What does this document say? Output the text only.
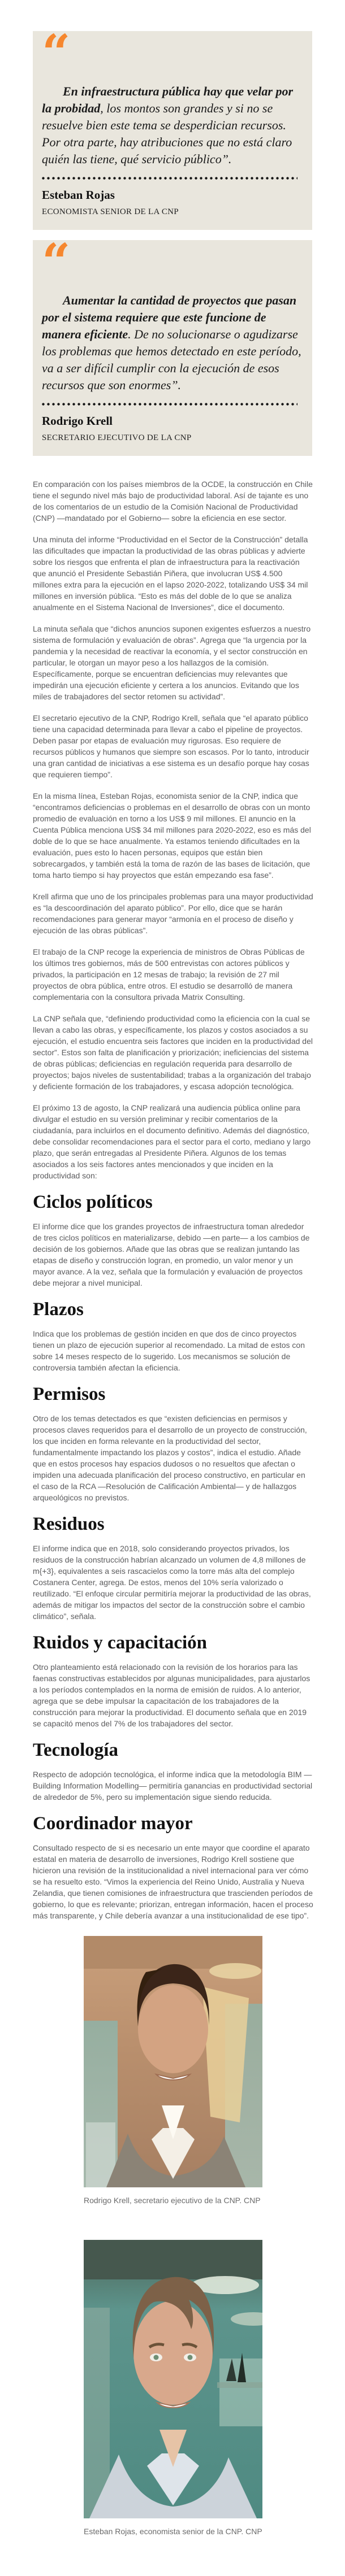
“

En infraestructura pública hay que velar por la probidad, los montos son grandes y si no se resuelve bien este tema se desperdician recursos. Por otra parte, hay atribuciones que no está claro quién las tiene, qué servicio público”.

Esteban Rojas
ECONOMISTA SENIOR DE LA CNP
“

Aumentar la cantidad de proyectos que pasan por el sistema requiere que este funcione de manera eficiente. De no solucionarse o agudizarse los problemas que hemos detectado en este período, va a ser difícil cumplir con la ejecución de esos recursos que son enormes”.

Rodrigo Krell
SECRETARIO EJECUTIVO DE LA CNP

En comparación con los países miembros de la OCDE, la construcción en Chile tiene el segundo nivel más bajo de productividad laboral. Así de tajante es uno de los comentarios de un estudio de la Comisión Nacional de Productividad (CNP) —mandatado por el Gobierno— sobre la eficiencia en ese sector.

Una minuta del informe “Productividad en el Sector de la Construcción” detalla las dificultades que impactan la productividad de las obras públicas y advierte sobre los riesgos que enfrenta el plan de infraestructura para la reactivación que anunció el Presidente Sebastián Piñera, que involucran US$ 4.500 millones extra para la ejecución en el lapso 2020-2022, totalizando US$ 34 mil millones en inversión pública. “Esto es más del doble de lo que se analiza anualmente en el Sistema Nacional de Inversiones”, dice el documento.

La minuta señala que “dichos anuncios suponen exigentes esfuerzos a nuestro sistema de formulación y evaluación de obras”. Agrega que “la urgencia por la pandemia y la necesidad de reactivar la economía, y el sector construcción en particular, le otorgan un mayor peso a los hallazgos de la comisión. Específicamente, porque se encuentran deficiencias muy relevantes que impedirán una ejecución eficiente y certera a los anuncios. Evitando que los miles de trabajadores del sector retomen su actividad”.

El secretario ejecutivo de la CNP, Rodrigo Krell, señala que “el aparato público tiene una capacidad determinada para llevar a cabo el pipeline de proyectos. Deben pasar por etapas de evaluación muy rigurosas. Eso requiere de recursos públicos y humanos que siempre son escasos. Por lo tanto, introducir una gran cantidad de iniciativas a ese sistema es un desafío porque hay cosas que requieren tiempo”.

En la misma línea, Esteban Rojas, economista senior de la CNP, indica que “encontramos deficiencias o problemas en el desarrollo de obras con un monto promedio de evaluación en torno a los US$ 9 mil millones. El anuncio en la Cuenta Pública menciona US$ 34 mil millones para 2020-2022, eso es más del doble de lo que se hace anualmente. Ya estamos teniendo dificultades en la evaluación, pues esto lo hacen personas, equipos que están bien sobrecargados, y también está la toma de razón de las bases de licitación, que toma harto tiempo si hay proyectos que están empezando esa fase”.

Krell afirma que uno de los principales problemas para una mayor productividad es “la descoordinación del aparato público”. Por ello, dice que se harán recomendaciones para generar mayor “armonía en el proceso de diseño y ejecución de las obras públicas”.

El trabajo de la CNP recoge la experiencia de ministros de Obras Públicas de los últimos tres gobiernos, más de 500 entrevistas con actores públicos y privados, la participación en 12 mesas de trabajo; la revisión de 27 mil proyectos de obra pública, entre otros. El estudio se desarrolló de manera complementaria con la consultora privada Matrix Consulting.

La CNP señala que, “definiendo productividad como la eficiencia con la cual se llevan a cabo las obras, y específicamente, los plazos y costos asociados a su ejecución, el estudio encuentra seis factores que inciden en la productividad del sector”. Estos son falta de planificación y priorización; ineficiencias del sistema de obras públicas; deficiencias en regulación requerida para desarrollo de proyectos; bajos niveles de sustentabilidad; trabas a la organización del trabajo y deficiente formación de los trabajadores, y escasa adopción tecnológica.

El próximo 13 de agosto, la CNP realizará una audiencia pública online para divulgar el estudio en su versión preliminar y recibir comentarios de la ciudadanía, para incluirlos en el documento definitivo. Además del diagnóstico, debe consolidar recomendaciones para el sector para el corto, mediano y largo plazo, que serán entregadas al Presidente Piñera. Algunos de los temas asociados a los seis factores antes mencionados y que inciden en la productividad son:

Ciclos políticos

El informe dice que los grandes proyectos de infraestructura toman alrededor de tres ciclos políticos en materializarse, debido —en parte— a los cambios de decisión de los gobiernos. Añade que las obras que se realizan juntando las etapas de diseño y construcción logran, en promedio, un valor menor y un mayor avance. A la vez, señala que la formulación y evaluación de proyectos debe mejorar a nivel municipal.

Plazos

Indica que los problemas de gestión inciden en que dos de cinco proyectos tienen un plazo de ejecución superior al recomendado. La mitad de estos con sobre 14 meses respecto de lo sugerido. Los mecanismos se solución de controversia también afectan la eficiencia.

Permisos

Otro de los temas detectados es que “existen deficiencias en permisos y procesos claves requeridos para el desarrollo de un proyecto de construcción, los que inciden en forma relevante en la productividad del sector, fundamentalmente impactando los plazos y costos”, indica el estudio. Añade que en estos procesos hay espacios dudosos o no resueltos que afectan o impiden una adecuada planificación del proceso constructivo, en particular en el caso de la RCA —Resolución de Calificación Ambiental— y de hallazgos arqueológicos no previstos.

Residuos

El informe indica que en 2018, solo considerando proyectos privados, los residuos de la construcción habrían alcanzado un volumen de 4,8 millones de m{+3}, equivalentes a seis rascacielos como la torre más alta del complejo Costanera Center, agrega. De estos, menos del 10% sería valorizado o reutilizado. “El enfoque circular permitiría mejorar la productividad de las obras, además de mitigar los impactos del sector de la construcción sobre el cambio climático”, señala.

Ruidos y capacitación

Otro planteamiento está relacionado con la revisión de los horarios para las faenas constructivas establecidos por algunas municipalidades, para ajustarlos a los períodos contemplados en la norma de emisión de ruidos. A lo anterior, agrega que se debe impulsar la capacitación de los trabajadores de la construcción para mejorar la productividad. El documento señala que en 2019 se capacitó menos del 7% de los trabajadores del sector.

Tecnología

Respecto de adopción tecnológica, el informe indica que la metodología BIM —Building Information Modelling— permitiría ganancias en productividad sectorial de alrededor de 5%, pero su implementación sigue siendo reducida.

Coordinador mayor

Consultado respecto de si es necesario un ente mayor que coordine el aparato estatal en materia de desarrollo de inversiones, Rodrigo Krell sostiene que hicieron una revisión de la institucionalidad a nivel internacional para ver cómo se ha resuelto esto. “Vimos la experiencia del Reino Unido, Australia y Nueva Zelandia, que tienen comisiones de infraestructura que trascienden períodos de gobierno, lo que es relevante; priorizan, entregan información, hacen el proceso más transparente, y Chile debería avanzar a una institucionalidad de ese tipo”.

Rodrigo Krell, secretario ejecutivo de la CNP. CNP
Esteban Rojas, economista senior de la CNP. CNP
